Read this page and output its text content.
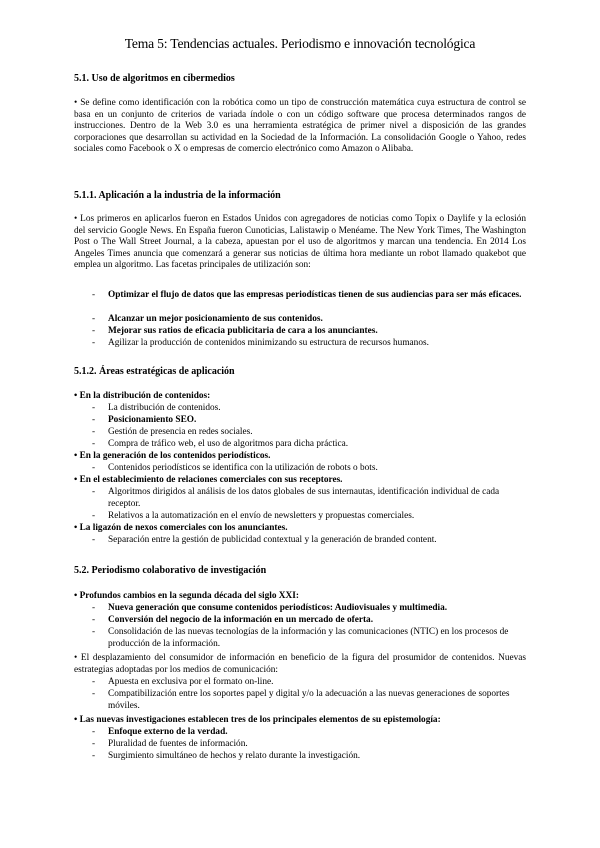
Tema 5: Tendencias actuales. Periodismo e innovación tecnológica

5.1. Uso de algoritmos en cibermedios

• Se define como identificación con la robótica como un tipo de construcción matemática cuya estructura de control se basa en un conjunto de criterios de variada índole o con un código software que procesa determinados rangos de instrucciones. Dentro de la Web 3.0 es una herramienta estratégica de primer nivel a disposición de las grandes corporaciones que desarrollan su actividad en la Sociedad de la Información. La consolidación Google o Yahoo, redes sociales como Facebook o X o empresas de comercio electrónico como Amazon o Alibaba.

5.1.1. Aplicación a la industria de la información

• Los primeros en aplicarlos fueron en Estados Unidos con agregadores de noticias como Topix o Daylife y la eclosión del servicio Google News. En España fueron Cunoticias, Lalistawip o Menéame. The New York Times, The Washington Post o The Wall Street Journal, a la cabeza, apuestan por el uso de algoritmos y marcan una tendencia. En 2014 Los Angeles Times anuncia que comenzará a generar sus noticias de última hora mediante un robot llamado quakebot que emplea un algoritmo. Las facetas principales de utilización son:

- Optimizar el flujo de datos que las empresas periodísticas tienen de sus audiencias para ser más eficaces.

- Alcanzar un mejor posicionamiento de sus contenidos.

- Mejorar sus ratios de eficacia publicitaria de cara a los anunciantes.

- Agilizar la producción de contenidos minimizando su estructura de recursos humanos.

5.1.2. Áreas estratégicas de aplicación

• En la distribución de contenidos:

- La distribución de contenidos.

- Posicionamiento SEO.

- Gestión de presencia en redes sociales.

- Compra de tráfico web, el uso de algoritmos para dicha práctica.

• En la generación de los contenidos periodísticos.

- Contenidos periodísticos se identifica con la utilización de robots o bots.

• En el establecimiento de relaciones comerciales con sus receptores.

- Algoritmos dirigidos al análisis de los datos globales de sus internautas, identificación individual de cada receptor.

- Relativos a la automatización en el envío de newsletters y propuestas comerciales.

• La ligazón de nexos comerciales con los anunciantes.

- Separación entre la gestión de publicidad contextual y la generación de branded content.

5.2. Periodismo colaborativo de investigación

• Profundos cambios en la segunda década del siglo XXI:

- Nueva generación que consume contenidos periodísticos: Audiovisuales y multimedia.

- Conversión del negocio de la información en un mercado de oferta.

- Consolidación de las nuevas tecnologías de la información y las comunicaciones (NTIC) en los procesos de producción de la información.

• El desplazamiento del consumidor de información en beneficio de la figura del prosumidor de contenidos. Nuevas estrategias adoptadas por los medios de comunicación:

- Apuesta en exclusiva por el formato on-line.

- Compatibilización entre los soportes papel y digital y/o la adecuación a las nuevas generaciones de soportes móviles.

• Las nuevas investigaciones establecen tres de los principales elementos de su epistemología:

- Enfoque externo de la verdad.

- Pluralidad de fuentes de información.

- Surgimiento simultáneo de hechos y relato durante la investigación.
